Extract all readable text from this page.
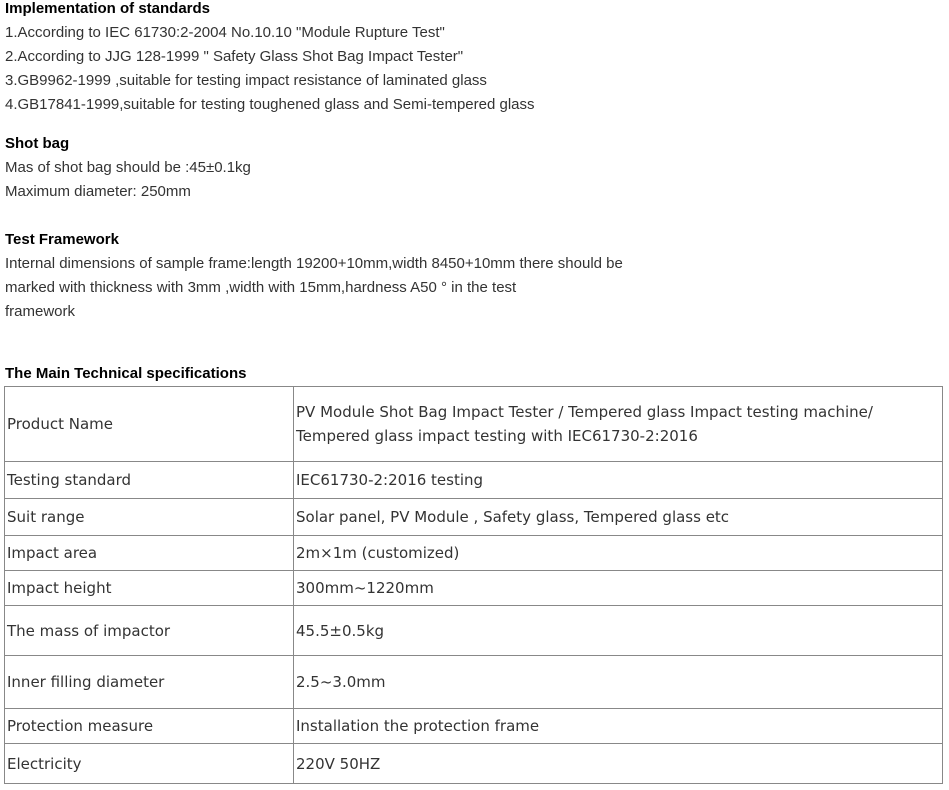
Implementation of standards
1.According to IEC 61730:2-2004 No.10.10 "Module Rupture Test"
2.According to JJG 128-1999 " Safety Glass Shot Bag Impact Tester"
3.GB9962-1999 ,suitable for testing impact resistance of laminated glass
4.GB17841-1999,suitable for testing toughened glass and Semi-tempered glass
Shot bag
Mas of shot bag should be :45±0.1kg
Maximum diameter: 250mm
Test Framework
Internal dimensions of sample frame:length 19200+10mm,width 8450+10mm there should be
marked with thickness with 3mm ,width with 15mm,hardness A50 ° in the test
framework
The Main Technical specifications
Product Name	PV Module Shot Bag Impact Tester / Tempered glass Impact testing machine/
Tempered glass impact testing with IEC61730-2:2016

Testing standard	IEC61730-2:2016 testing
Suit range	Solar panel, PV Module , Safety glass, Tempered glass etc
Impact area	2m×1m (customized)
Impact height	300mm~1220mm
The mass of impactor	45.5±0.5kg
Inner filling diameter	2.5~3.0mm
Protection measure	Installation the protection frame
Electricity	220V 50HZ
